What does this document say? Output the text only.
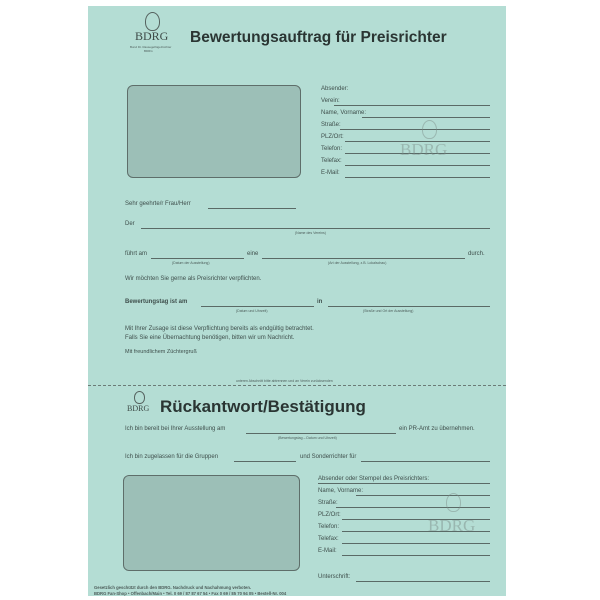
BDRG
Bund Dt. Rassegeflügelzüchter
BDRG
Bewertungsauftrag für Preisrichter
Absender:
Verein:
Name, Vorname:
Straße:
PLZ/Ort:
Telefon:
Telefax:
E-Mail:
BDRG
Sehr geehrte/r Frau/Herr
Der
(Name des Vereins)
führt am	eine	durch.
(Datum der Ausstellung)	(Art der Ausstellung, z.B. Lokalschau)
Wir möchten Sie gerne als Preisrichter verpflichten.
Bewertungstag ist am	in
(Datum und Uhrzeit)	(Straße und Ort der Ausstellung)
Mit Ihrer Zusage ist diese Verpflichtung bereits als endgültig betrachtet.
Falls Sie eine Übernachtung benötigen, bitten wir um Nachricht.
Mit freundlichem Züchtergruß
unteren Abschnitt bitte abtrennen und an Verein zurücksenden
BDRG Rückantwort/Bestätigung
Ich bin bereit bei Ihrer Ausstellung am	ein PR-Amt zu übernehmen.
(Bewertungstag – Datum und Uhrzeit)
Ich bin zugelassen für die Gruppen	und Sonderrichter für
Absender oder Stempel des Preisrichters:
Name, Vorname:
Straße:
PLZ/Ort:
Telefon:
Telefax:
E-Mail:
BDRG
Unterschrift:
Gesetzlich geschützt durch den BDRG. Nachdruck und Nachahmung verboten.
BDRG Fan-Shop • Offenbach/Main • Tel. 0 69 / 87 87 67 54 • Fax 0 69 / 85 70 94 05 • Bestell-Nr. 004
